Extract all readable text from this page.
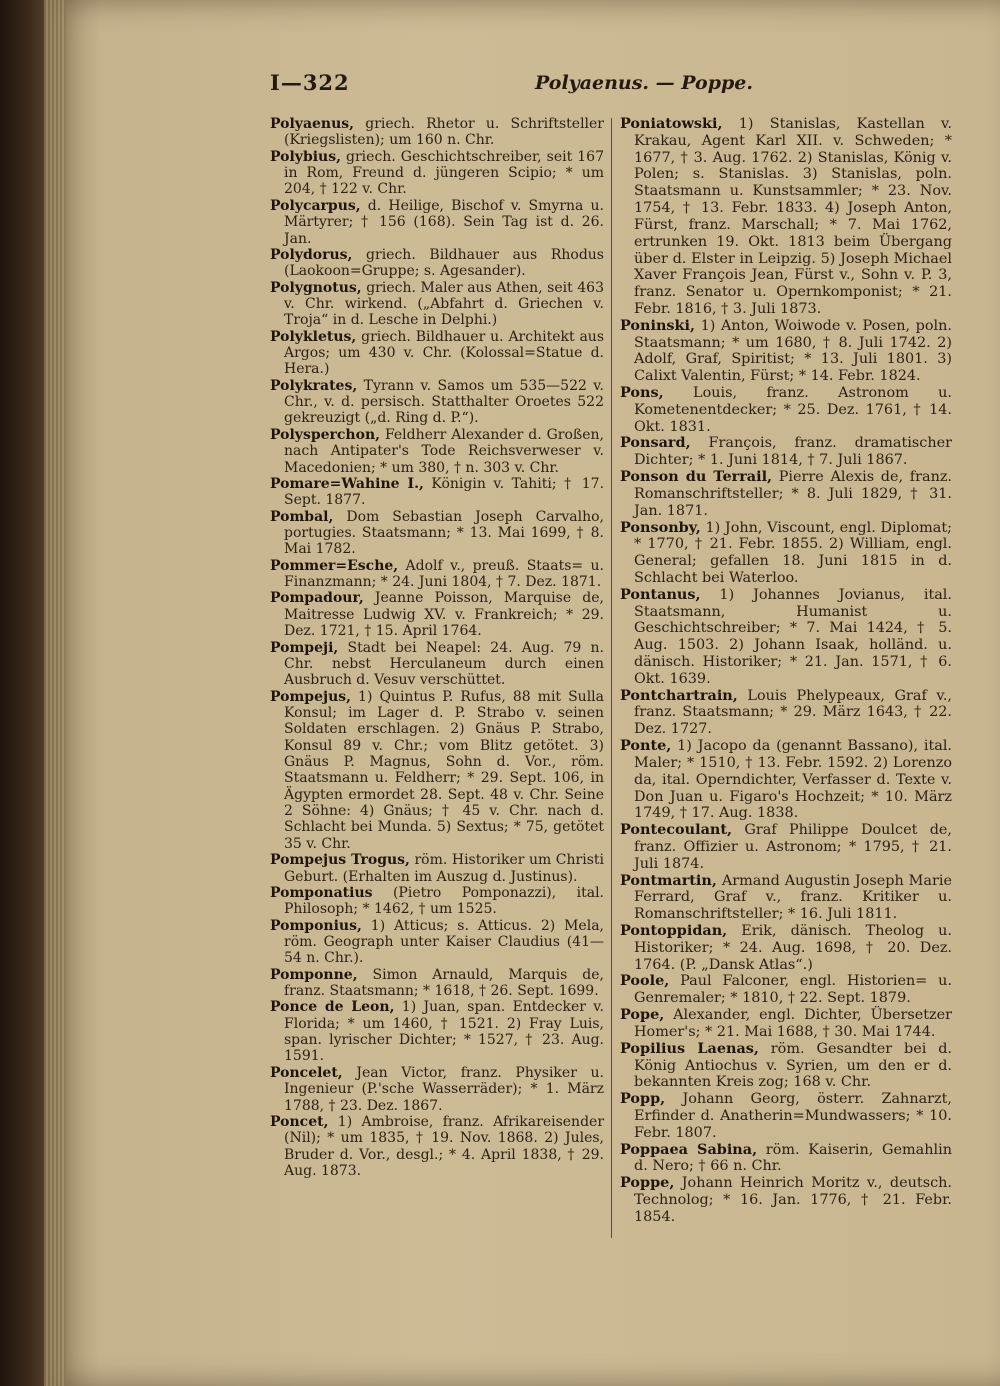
I—322	Polyaenus. — Poppe.

Polyaenus, griech. Rhetor u. Schriftsteller (Kriegslisten); um 160 n. Chr.

Polybius, griech. Geschichtschreiber, seit 167 in Rom, Freund d. jüngeren Scipio; * um 204, † 122 v. Chr.

Polycarpus, d. Heilige, Bischof v. Smyrna u. Märtyrer; † 156 (168). Sein Tag ist d. 26. Jan.

Polydorus, griech. Bildhauer aus Rhodus (Laokoon=Gruppe; s. Agesander).

Polygnotus, griech. Maler aus Athen, seit 463 v. Chr. wirkend. („Abfahrt d. Griechen v. Troja“ in d. Lesche in Delphi.)

Polykletus, griech. Bildhauer u. Architekt aus Argos; um 430 v. Chr. (Kolossal=Statue d. Hera.)

Polykrates, Tyrann v. Samos um 535—522 v. Chr., v. d. persisch. Statthalter Oroetes 522 gekreuzigt („d. Ring d. P.“).

Polysperchon, Feldherr Alexander d. Großen, nach Antipater's Tode Reichsverweser v. Macedonien; * um 380, † n. 303 v. Chr.

Pomare=Wahine I., Königin v. Tahiti; † 17. Sept. 1877.

Pombal, Dom Sebastian Joseph Carvalho, portugies. Staatsmann; * 13. Mai 1699, † 8. Mai 1782.

Pommer=Esche, Adolf v., preuß. Staats= u. Finanzmann; * 24. Juni 1804, † 7. Dez. 1871.

Pompadour, Jeanne Poisson, Marquise de, Maitresse Ludwig XV. v. Frankreich; * 29. Dez. 1721, † 15. April 1764.

Pompeji, Stadt bei Neapel: 24. Aug. 79 n. Chr. nebst Herculaneum durch einen Ausbruch d. Vesuv verschüttet.

Pompejus, 1) Quintus P. Rufus, 88 mit Sulla Konsul; im Lager d. P. Strabo v. seinen Soldaten erschlagen. 2) Gnäus P. Strabo, Konsul 89 v. Chr.; vom Blitz getötet. 3) Gnäus P. Magnus, Sohn d. Vor., röm. Staatsmann u. Feldherr; * 29. Sept. 106, in Ägypten ermordet 28. Sept. 48 v. Chr. Seine 2 Söhne: 4) Gnäus; † 45 v. Chr. nach d. Schlacht bei Munda. 5) Sextus; * 75, getötet 35 v. Chr.

Pompejus Trogus, röm. Historiker um Christi Geburt. (Erhalten im Auszug d. Justinus).

Pomponatius (Pietro Pomponazzi), ital. Philosoph; * 1462, † um 1525.

Pomponius, 1) Atticus; s. Atticus. 2) Mela, röm. Geograph unter Kaiser Claudius (41—54 n. Chr.).

Pomponne, Simon Arnauld, Marquis de, franz. Staatsmann; * 1618, † 26. Sept. 1699.

Ponce de Leon, 1) Juan, span. Entdecker v. Florida; * um 1460, † 1521. 2) Fray Luis, span. lyrischer Dichter; * 1527, † 23. Aug. 1591.

Poncelet, Jean Victor, franz. Physiker u. Ingenieur (P.'sche Wasserräder); * 1. März 1788, † 23. Dez. 1867.

Poncet, 1) Ambroise, franz. Afrikareisender (Nil); * um 1835, † 19. Nov. 1868. 2) Jules, Bruder d. Vor., desgl.; * 4. April 1838, † 29. Aug. 1873.

Poniatowski, 1) Stanislas, Kastellan v. Krakau, Agent Karl XII. v. Schweden; * 1677, † 3. Aug. 1762. 2) Stanislas, König v. Polen; s. Stanislas. 3) Stanislas, poln. Staatsmann u. Kunstsammler; * 23. Nov. 1754, † 13. Febr. 1833. 4) Joseph Anton, Fürst, franz. Marschall; * 7. Mai 1762, ertrunken 19. Okt. 1813 beim Übergang über d. Elster in Leipzig. 5) Joseph Michael Xaver François Jean, Fürst v., Sohn v. P. 3, franz. Senator u. Opernkomponist; * 21. Febr. 1816, † 3. Juli 1873.

Poninski, 1) Anton, Woiwode v. Posen, poln. Staatsmann; * um 1680, † 8. Juli 1742. 2) Adolf, Graf, Spiritist; * 13. Juli 1801. 3) Calixt Valentin, Fürst; * 14. Febr. 1824.

Pons, Louis, franz. Astronom u. Kometenentdecker; * 25. Dez. 1761, † 14. Okt. 1831.

Ponsard, François, franz. dramatischer Dichter; * 1. Juni 1814, † 7. Juli 1867.

Ponson du Terrail, Pierre Alexis de, franz. Romanschriftsteller; * 8. Juli 1829, † 31. Jan. 1871.

Ponsonby, 1) John, Viscount, engl. Diplomat; * 1770, † 21. Febr. 1855. 2) William, engl. General; gefallen 18. Juni 1815 in d. Schlacht bei Waterloo.

Pontanus, 1) Johannes Jovianus, ital. Staatsmann, Humanist u. Geschichtschreiber; * 7. Mai 1424, † 5. Aug. 1503. 2) Johann Isaak, holländ. u. dänisch. Historiker; * 21. Jan. 1571, † 6. Okt. 1639.

Pontchartrain, Louis Phelypeaux, Graf v., franz. Staatsmann; * 29. März 1643, † 22. Dez. 1727.

Ponte, 1) Jacopo da (genannt Bassano), ital. Maler; * 1510, † 13. Febr. 1592. 2) Lorenzo da, ital. Operndichter, Verfasser d. Texte v. Don Juan u. Figaro's Hochzeit; * 10. März 1749, † 17. Aug. 1838.

Pontecoulant, Graf Philippe Doulcet de, franz. Offizier u. Astronom; * 1795, † 21. Juli 1874.

Pontmartin, Armand Augustin Joseph Marie Ferrard, Graf v., franz. Kritiker u. Romanschriftsteller; * 16. Juli 1811.

Pontoppidan, Erik, dänisch. Theolog u. Historiker; * 24. Aug. 1698, † 20. Dez. 1764. (P. „Dansk Atlas“.)

Poole, Paul Falconer, engl. Historien= u. Genremaler; * 1810, † 22. Sept. 1879.

Pope, Alexander, engl. Dichter, Übersetzer Homer's; * 21. Mai 1688, † 30. Mai 1744.

Popilius Laenas, röm. Gesandter bei d. König Antiochus v. Syrien, um den er d. bekannten Kreis zog; 168 v. Chr.

Popp, Johann Georg, österr. Zahnarzt, Erfinder d. Anatherin=Mundwassers; * 10. Febr. 1807.

Poppaea Sabina, röm. Kaiserin, Gemahlin d. Nero; † 66 n. Chr.

Poppe, Johann Heinrich Moritz v., deutsch. Technolog; * 16. Jan. 1776, † 21. Febr. 1854.
